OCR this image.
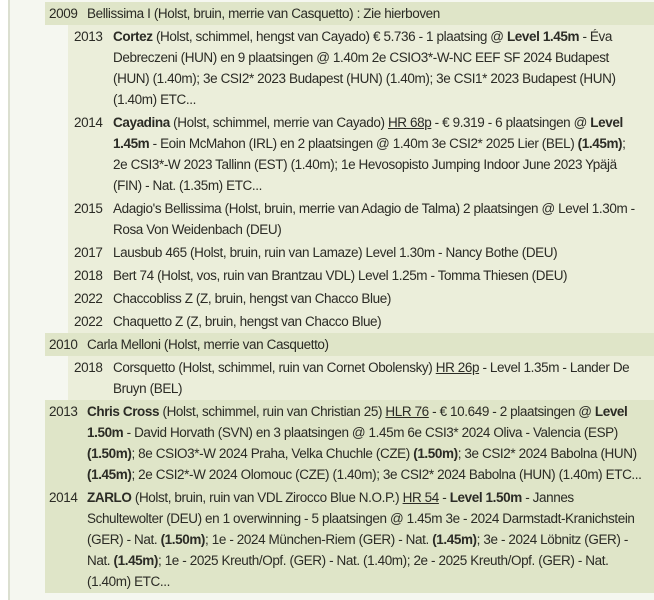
2009 Bellissima I (Holst, bruin, merrie van Casquetto) : Zie hierboven
2013 Cortez (Holst, schimmel, hengst van Cayado) € 5.736 - 1 plaatsing @ Level 1.45m - Éva Debreczeni (HUN) en 9 plaatsingen @ 1.40m 2e CSIO3*-W-NC EEF SF 2024 Budapest (HUN) (1.40m); 3e CSI2* 2023 Budapest (HUN) (1.40m); 3e CSI1* 2023 Budapest (HUN) (1.40m) ETC...
2014 Cayadina (Holst, schimmel, merrie van Cayado) HR 68p - € 9.319 - 6 plaatsingen @ Level 1.45m - Eoin McMahon (IRL) en 2 plaatsingen @ 1.40m 3e CSI2* 2025 Lier (BEL) (1.45m); 2e CSI3*-W 2023 Tallinn (EST) (1.40m); 1e Hevosopisto Jumping Indoor June 2023 Ypäjä (FIN) - Nat. (1.35m) ETC...
2015 Adagio's Bellissima (Holst, bruin, merrie van Adagio de Talma) 2 plaatsingen @ Level 1.30m - Rosa Von Weidenbach (DEU)
2017 Lausbub 465 (Holst, bruin, ruin van Lamaze) Level 1.30m - Nancy Bothe (DEU)
2018 Bert 74 (Holst, vos, ruin van Brantzau VDL) Level 1.25m - Tomma Thiesen (DEU)
2022 Chaccobliss Z (Z, bruin, hengst van Chacco Blue)
2022 Chaquetto Z (Z, bruin, hengst van Chacco Blue)
2010 Carla Melloni (Holst, merrie van Casquetto)
2018 Corsquetto (Holst, schimmel, ruin van Cornet Obolensky) HR 26p - Level 1.35m - Lander De Bruyn (BEL)
2013 Chris Cross (Holst, schimmel, ruin van Christian 25) HLR 76 - € 10.649 - 2 plaatsingen @ Level 1.50m - David Horvath (SVN) en 3 plaatsingen @ 1.45m 6e CSI3* 2024 Oliva - Valencia (ESP) (1.50m); 8e CSIO3*-W 2024 Praha, Velka Chuchle (CZE) (1.50m); 3e CSI2* 2024 Babolna (HUN) (1.45m); 2e CSI2*-W 2024 Olomouc (CZE) (1.40m); 3e CSI2* 2024 Babolna (HUN) (1.40m) ETC...
2014 ZARLO (Holst, bruin, ruin van VDL Zirocco Blue N.O.P.) HR 54 - Level 1.50m - Jannes Schultewolter (DEU) en 1 overwinning - 5 plaatsingen @ 1.45m 3e - 2024 Darmstadt-Kranichstein (GER) - Nat. (1.50m); 1e - 2024 München-Riem (GER) - Nat. (1.45m); 3e - 2024 Löbnitz (GER) - Nat. (1.45m); 1e - 2025 Kreuth/Opf. (GER) - Nat. (1.40m); 2e - 2025 Kreuth/Opf. (GER) - Nat. (1.40m) ETC...
